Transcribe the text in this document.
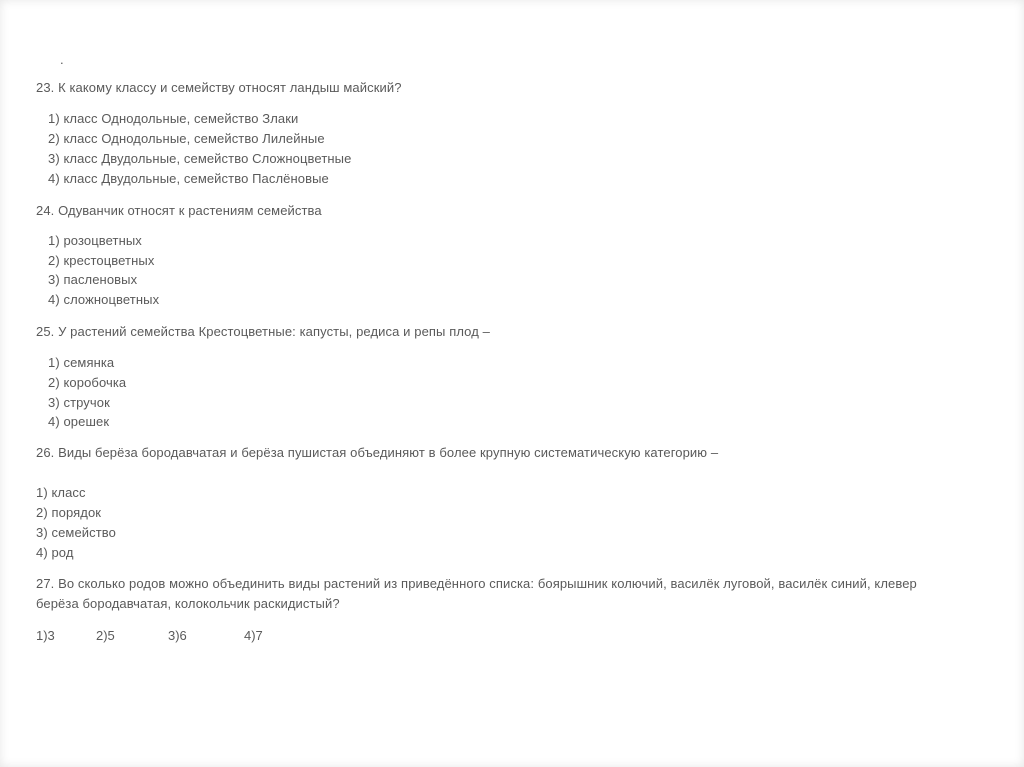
.
23. К какому классу и семейству относят ландыш майский?
1) класс Однодольные, семейство Злаки
2) класс Однодольные, семейство Лилейные
3) класс Двудольные, семейство Сложноцветные
4) класс Двудольные, семейство Паслёновые
24. Одуванчик относят к растениям семейства
1) розоцветных
2) крестоцветных
3) пасленовых
4) сложноцветных
25. У растений семейства Крестоцветные: капусты, редиса и репы плод –
1) семянка
2) коробочка
3) стручок
4) орешек
26. Виды берёза бородавчатая и берёза пушистая объединяют в более крупную систематическую категорию –
1) класс
2) порядок
3) семейство
4) род
27. Во сколько родов можно объединить виды растений из приведённого списка: боярышник колючий, василёк луговой, василёк синий, клевер
берёза бородавчатая, колокольчик раскидистый?
1)3	2)5	3)6	4)7
